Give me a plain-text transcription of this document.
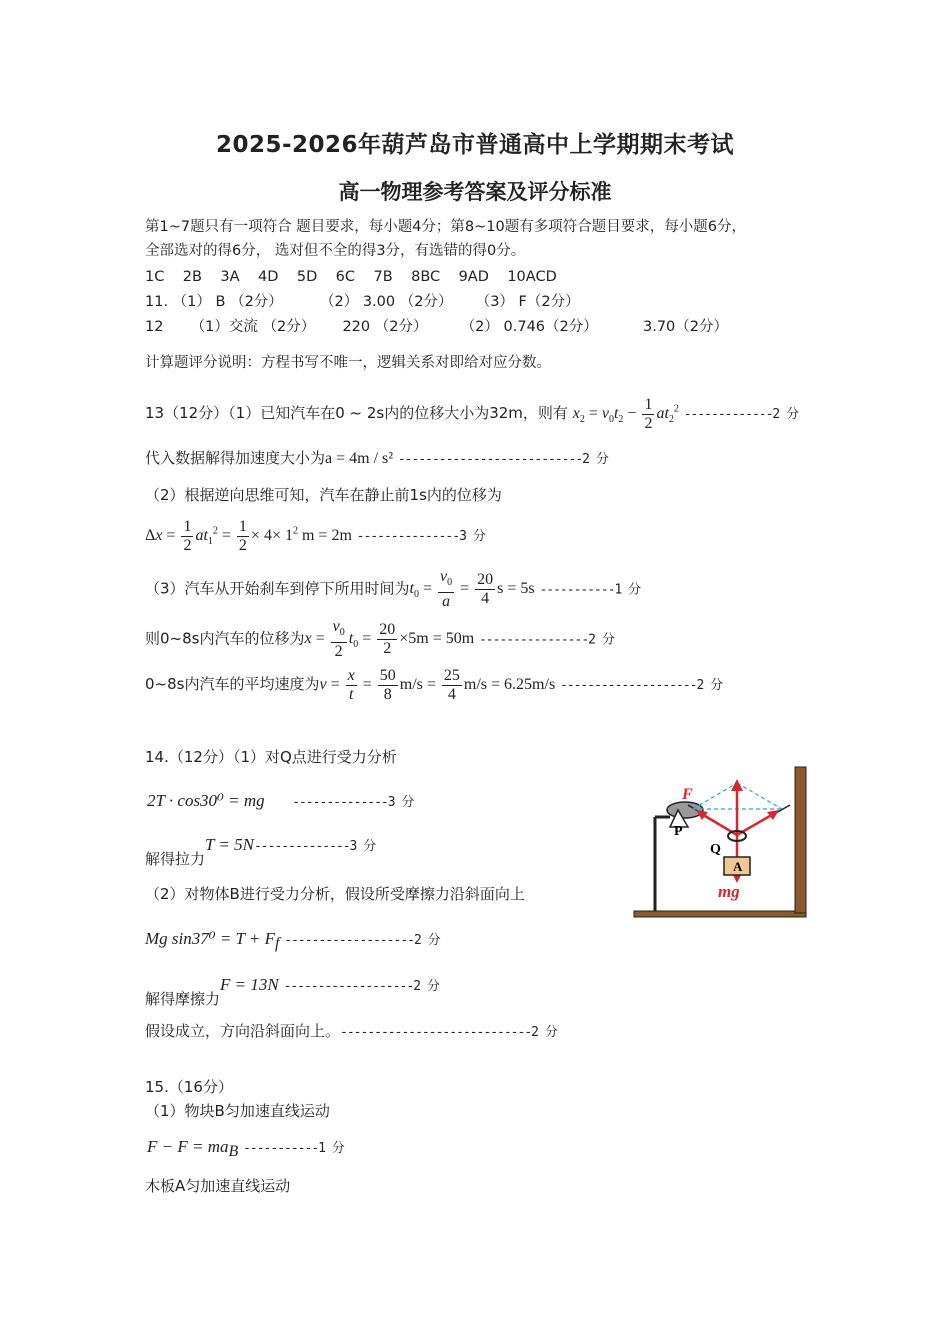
2025-2026年葫芦岛市普通高中上学期期末考试
高一物理参考答案及评分标准
第1~7题只有一项符合 题目要求，每小题4分；第8~10题有多项符合题目要求，每小题6分，
全部选对的得6分， 选对但不全的得3分，有选错的得0分。
1C 2B 3A 4D 5D 6C 7B 8BC 9AD 10ACD
11. （1） B （2分）	（2） 3.00 （2分） （3） F（2分）
12 （1）交流 （2分） 220 （2分） （2） 0.746（2分）	3.70（2分）
计算题评分说明：方程书写不唯一，逻辑关系对即给对应分数。
13（12分）（1）已知汽车在0 ~ 2s内的位移大小为32m，则有 $x_2 = v_0t_2 - \frac{1}{2} at_2^2$ -------------2 分
代入数据解得加速度大小为a = 4m / s² ---------------------------2 分
（2）根据逆向思维可知，汽车在静止前1s内的位移为
$\Delta x = \frac{1}{2} at_1^2 = \frac{1}{2} \times 4\times 1^2$ m = 2m ---------------3 分
（3）汽车从开始刹车到停下所用时间为$t_0 = \frac{v_0}{a} = \frac{20}{4}$ s = 5s -----------1 分
则0~8s内汽车的位移为$x = \frac{v_0}{2} t_0 = \frac{20}{2} \times 5m = 50m$ ----------------2 分
0~8s内汽车的平均速度为$v = \frac{x}{t} = \frac{50}{8} m/s = \frac{25}{4} m/s = 6.25m/s$ --------------------2 分
14.（12分）（1）对Q点进行受力分析
2T · cos30⁰ = mg --------------3 分
解得拉力T = 5N--------------3 分
（2）对物体B进行受力分析，假设所受摩擦力沿斜面向上
Mg $\sin 37^0 = T + F_f$ -------------------2 分
解得摩擦力F = 13N -------------------2 分
假设成立，方向沿斜面向上。----------------------------2 分
P
Q
A
F
mg
15.（16分）
（1）物块B匀加速直线运动
$F - F = ma_B$ -----------1 分
木板A匀加速直线运动
